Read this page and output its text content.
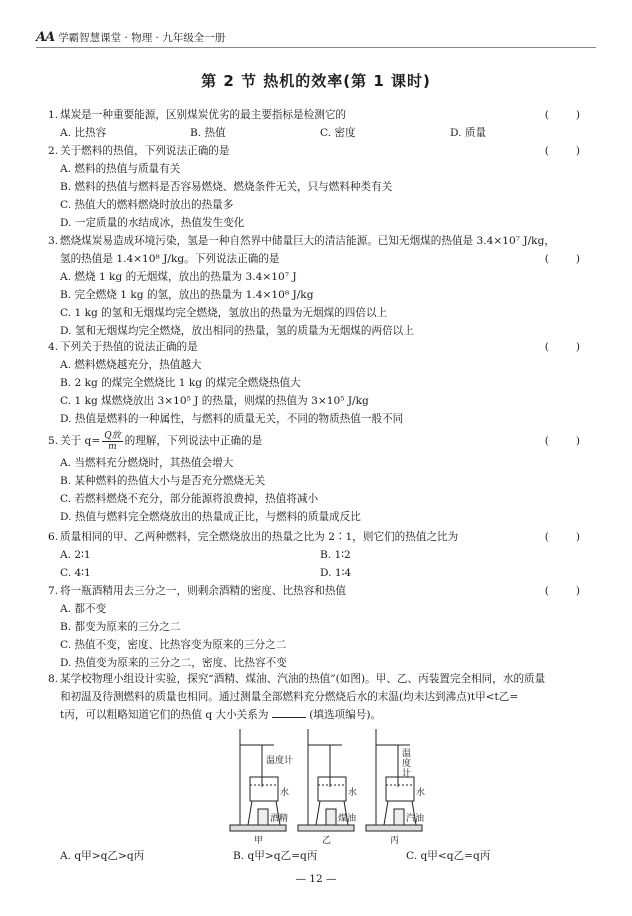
AA 学霸智慧课堂 · 物理 · 九年级全一册
第 2 节 热机的效率(第 1 课时)
1. 煤炭是一种重要能源，区别煤炭优劣的最主要指标是检测它的	(        )
A. 比热容	B. 热值	C. 密度	D. 质量
2. 关于燃料的热值，下列说法正确的是	(        )
A. 燃料的热值与质量有关
B. 燃料的热值与燃料是否容易燃烧、燃烧条件无关，只与燃料种类有关
C. 热值大的燃料燃烧时放出的热量多
D. 一定质量的水结成冰，热值发生变化
3. 燃烧煤炭易造成环境污染，氢是一种自然界中储量巨大的清洁能源。已知无烟煤的热值是 3.4×10⁷ J/kg，
氢的热值是 1.4×10⁸ J/kg。下列说法正确的是	(        )
A. 燃烧 1 kg 的无烟煤，放出的热量为 3.4×10⁷ J
B. 完全燃烧 1 kg 的氢，放出的热量为 1.4×10⁸ J/kg
C. 1 kg 的氢和无烟煤均完全燃烧，氢放出的热量为无烟煤的四倍以上
D. 氢和无烟煤均完全燃烧，放出相同的热量，氢的质量为无烟煤的两倍以上
4. 下列关于热值的说法正确的是	(        )
A. 燃料燃烧越充分，热值越大
B. 2 kg 的煤完全燃烧比 1 kg 的煤完全燃烧热值大
C. 1 kg 煤燃烧放出 3×10⁵ J 的热量，则煤的热值为 3×10⁵ J/kg
D. 热值是燃料的一种属性，与燃料的质量无关，不同的物质热值一般不同
5. 关于 $q= \frac{\text{Q放}}{m}$ 的理解，下列说法中正确的是	(        )
A. 当燃料充分燃烧时，其热值会增大
B. 某种燃料的热值大小与是否充分燃烧无关
C. 若燃料燃烧不充分，部分能源将浪费掉，热值将减小
D. 热值与燃料完全燃烧放出的热量成正比，与燃料的质量成反比
6. 质量相同的甲、乙两种燃料，完全燃烧放出的热量之比为 2∶1，则它们的热值之比为	(        )
A. 2∶1	B. 1∶2
C. 4∶1	D. 1∶4
7. 将一瓶酒精用去三分之一，则剩余酒精的密度、比热容和热值	(        )
A. 都不变
B. 都变为原来的三分之二
C. 热值不变，密度、比热容变为原来的三分之二
D. 热值变为原来的三分之二，密度、比热容不变
8. 某学校物理小组设计实验，探究“酒精、煤油、汽油的热值”(如图)。甲、乙、丙装置完全相同，水的质量
和初温及待测燃料的质量也相同。通过测量全部燃料充分燃烧后水的末温(均未达到沸点)t甲<t乙=
t丙，可以粗略知道它们的热值 q 大小关系为	(填选项编号)。
温度计
温度计
水	水	水
酒精	煤油	汽油
甲	乙	丙
A. q甲>q乙>q丙	B. q甲>q乙=q丙	C. q甲<q乙=q丙
— 12 —
